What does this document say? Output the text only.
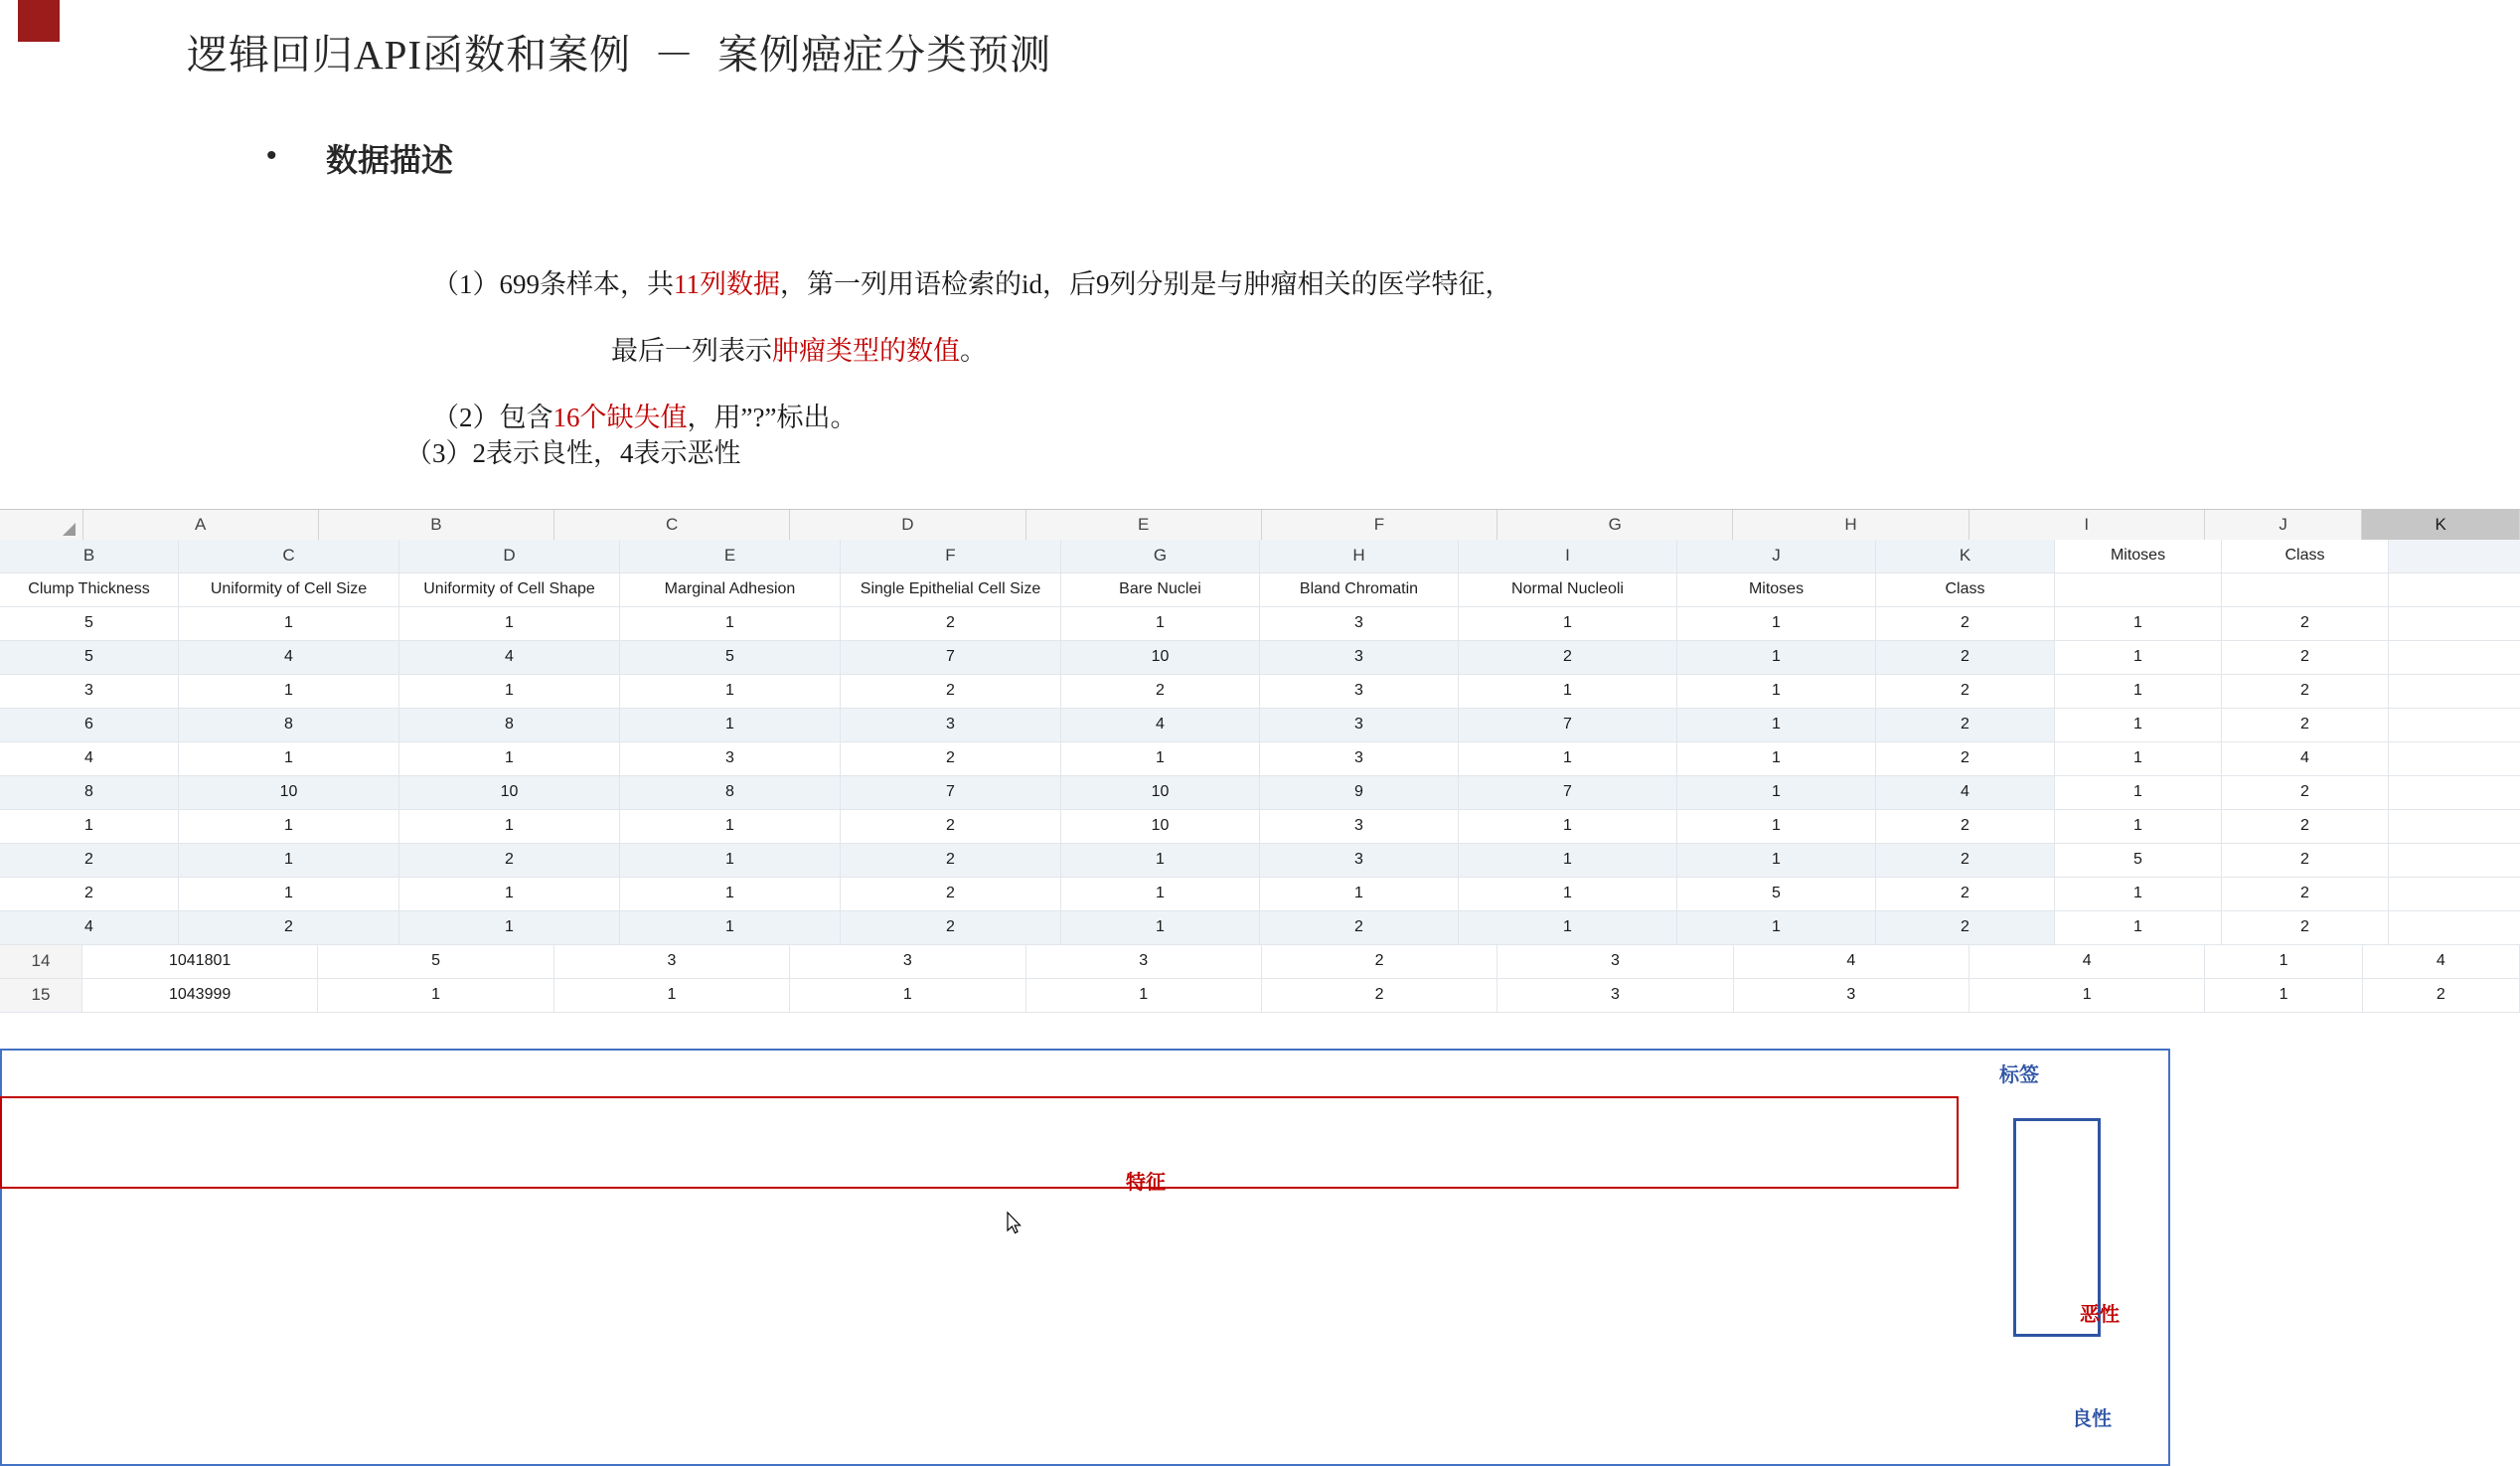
逻辑回归API函数和案例  －  案例癌症分类预测
• 数据描述

（1）699条样本，共11列数据，第一列用语检索的id，后9列分别是与肿瘤相关的医学特征，

最后一列表示肿瘤类型的数值。

（2）包含16个缺失值，用”?”标出。

（3）2表示良性，4表示恶性
A	B	C	D	E	F	G	H	I	J	K
B	C	D	E	F	G	H	I	J	K	Mitoses	Class
Clump Thickness	Uniformity of Cell Size	Uniformity of Cell Shape	Marginal Adhesion	Single Epithelial Cell Size	Bare Nuclei	Bland Chromatin	Normal Nucleoli	Mitoses	Class
5	1	1	1	2	1	3	1	1	2	1	2
5	4	4	5	7	10	3	2	1	2	1	2
3	1	1	1	2	2	3	1	1	2	1	2
6	8	8	1	3	4	3	7	1	2	1	2
4	1	1	3	2	1	3	1	1	2	1	4
8	10	10	8	7	10	9	7	1	4	1	2
1	1	1	1	2	10	3	1	1	2	1	2
2	1	2	1	2	1	3	1	1	2	5	2
2	1	1	1	2	1	1	1	5	2	1	2
4	2	1	1	2	1	2	1	1	2	1	2
14	1041801	5	3	3	3	2	3	4	4	1	4
15	1043999	1	1	1	1	2	3	3	1	1	2
特征
标签
恶性
良性
